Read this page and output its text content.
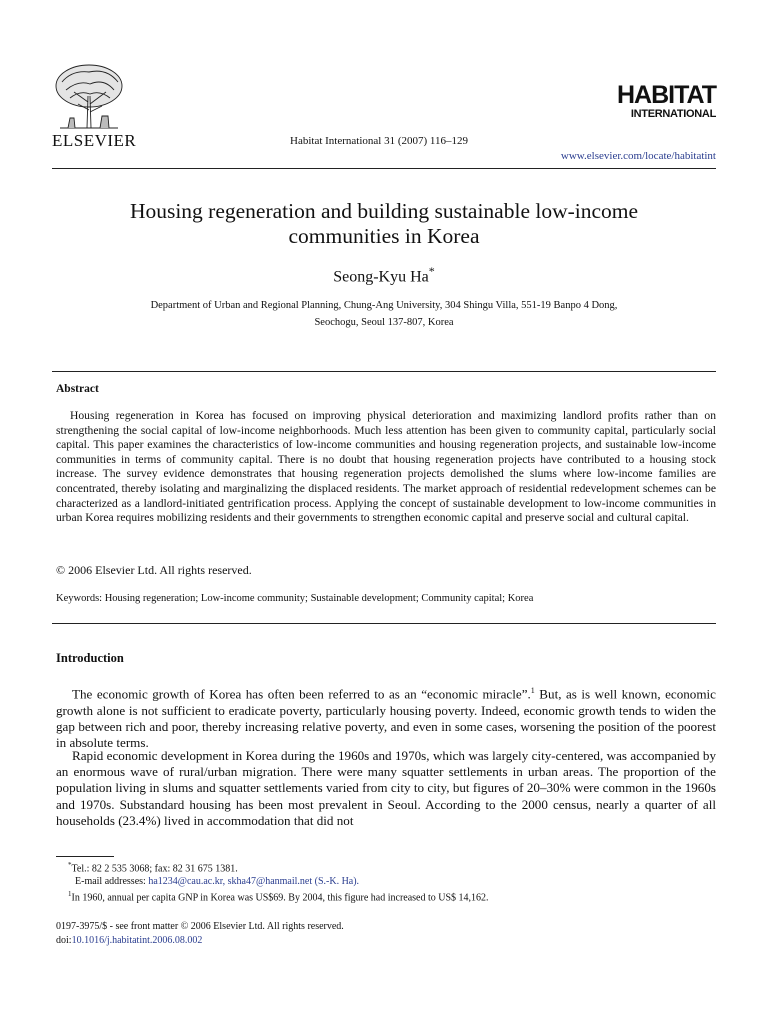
ELSEVIER
HABITAT
INTERNATIONAL
Habitat International 31 (2007) 116–129
www.elsevier.com/locate/habitatint
Housing regeneration and building sustainable low-income
communities in Korea
Seong-Kyu Ha*
Department of Urban and Regional Planning, Chung-Ang University, 304 Shingu Villa, 551-19 Banpo 4 Dong,
Seochogu, Seoul 137-807, Korea
Abstract
Housing regeneration in Korea has focused on improving physical deterioration and maximizing landlord profits rather than on strengthening the social capital of low-income neighborhoods. Much less attention has been given to community capital, particularly social capital. This paper examines the characteristics of low-income communities and housing regeneration projects, and sustainable low-income communities in terms of community capital. There is no doubt that housing regeneration projects have contributed to a housing stock increase. The survey evidence demonstrates that housing regeneration projects demolished the slums where low-income families are concentrated, thereby isolating and marginalizing the displaced residents. The market approach of residential redevelopment schemes can be characterized as a landlord-initiated gentrification process. Applying the concept of sustainable development to low-income communities in urban Korea requires mobilizing residents and their governments to strengthen economic capital and preserve social and cultural capital.
© 2006 Elsevier Ltd. All rights reserved.
Keywords: Housing regeneration; Low-income community; Sustainable development; Community capital; Korea
Introduction
The economic growth of Korea has often been referred to as an “economic miracle”.$^1$ But, as is well known, economic growth alone is not sufficient to eradicate poverty, particularly housing poverty. Indeed, economic growth tends to widen the gap between rich and poor, thereby increasing relative poverty, and even in some cases, worsening the position of the poorest in absolute terms.
Rapid economic development in Korea during the 1960s and 1970s, which was largely city-centered, was accompanied by an enormous wave of rural/urban migration. There were many squatter settlements in urban areas. The proportion of the population living in slums and squatter settlements varied from city to city, but figures of 20–30% were common in the 1960s and 1970s. Substandard housing has been most prevalent in Seoul. According to the 2000 census, nearly a quarter of all households (23.4%) lived in accommodation that did not
*Tel.: 82 2 535 3068; fax: 82 31 675 1381.
E-mail addresses: ha1234@cau.ac.kr, skha47@hanmail.net (S.-K. Ha).
$^1$In 1960, annual per capita GNP in Korea was US$69. By 2004, this figure had increased to US$ 14,162.
0197-3975/$ - see front matter © 2006 Elsevier Ltd. All rights reserved.
doi:10.1016/j.habitatint.2006.08.002
